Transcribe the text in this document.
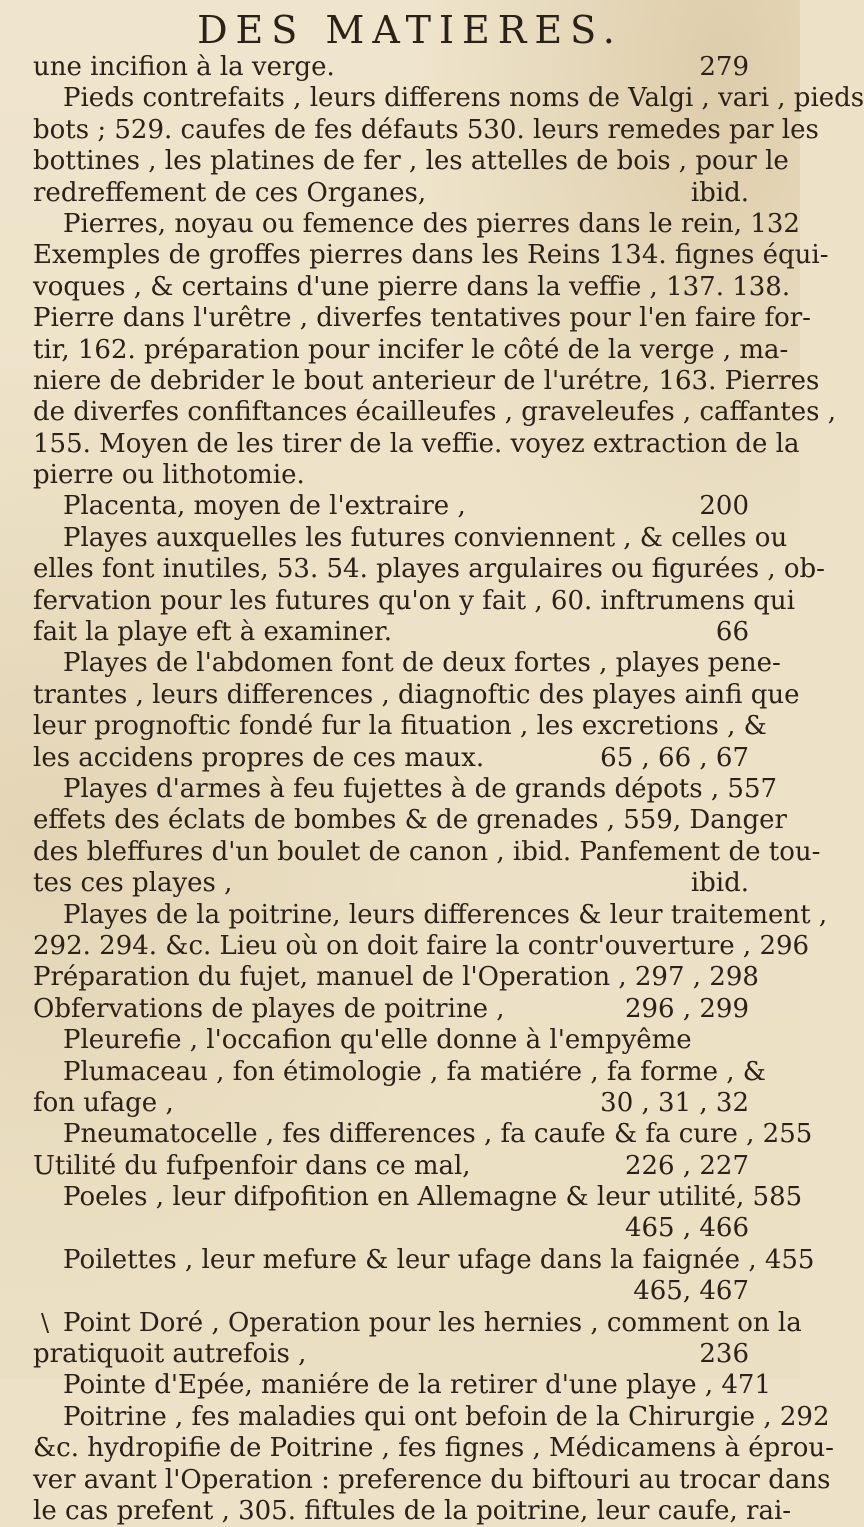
DES MATIERES.
une incifion à la verge.	279
Pieds contrefaits , leurs differens noms de Valgi , vari , pieds
bots ; 529. caufes de fes défauts 530. leurs remedes par les
bottines , les platines de fer , les attelles de bois , pour le
redreffement de ces Organes,	ibid.
Pierres, noyau ou femence des pierres dans le rein, 132
Exemples de groffes pierres dans les Reins 134. fignes équi-
voques , & certains d'une pierre dans la veffie , 137. 138.
Pierre dans l'urêtre , diverfes tentatives pour l'en faire for-
tir, 162. préparation pour incifer le côté de la verge , ma-
niere de debrider le bout anterieur de l'urétre, 163. Pierres
de diverfes confiftances écailleufes , graveleufes , caffantes ,
155. Moyen de les tirer de la veffie. voyez extraction de la
pierre ou lithotomie.
Placenta, moyen de l'extraire ,	200
Playes auxquelles les futures conviennent , & celles ou
elles font inutiles, 53. 54. playes argulaires ou figurées , ob-
fervation pour les futures qu'on y fait , 60. inftrumens qui
fait la playe eft à examiner.	66
Playes de l'abdomen font de deux fortes , playes pene-
trantes , leurs differences , diagnoftic des playes ainfi que
leur prognoftic fondé fur la fituation , les excretions , &
les accidens propres de ces maux.	65 , 66 , 67
Playes d'armes à feu fujettes à de grands dépots , 557
effets des éclats de bombes & de grenades , 559, Danger
des bleffures d'un boulet de canon , ibid. Panfement de tou-
tes ces playes ,	ibid.
Playes de la poitrine, leurs differences & leur traitement ,
292. 294. &c. Lieu où on doit faire la contr'ouverture , 296
Préparation du fujet, manuel de l'Operation , 297 , 298
Obfervations de playes de poitrine ,	296 , 299
Pleurefie , l'occafion qu'elle donne à l'empyême
Plumaceau , fon étimologie , fa matiére , fa forme , &
fon ufage ,	30 , 31 , 32
Pneumatocelle , fes differences , fa caufe & fa cure , 255
Utilité du fufpenfoir dans ce mal,	226 , 227
Poeles , leur difpofition en Allemagne & leur utilité, 585
465 , 466
Poilettes , leur mefure & leur ufage dans la faignée , 455
465, 467
\ Point Doré , Operation pour les hernies , comment on la
pratiquoit autrefois ,	236
Pointe d'Epée, maniére de la retirer d'une playe , 471
Poitrine , fes maladies qui ont befoin de la Chirurgie , 292
&c. hydropifie de Poitrine , fes fignes , Médicamens à éprou-
ver avant l'Operation : preference du biftouri au trocar dans
le cas prefent , 305. fiftules de la poitrine, leur caufe, rai-
